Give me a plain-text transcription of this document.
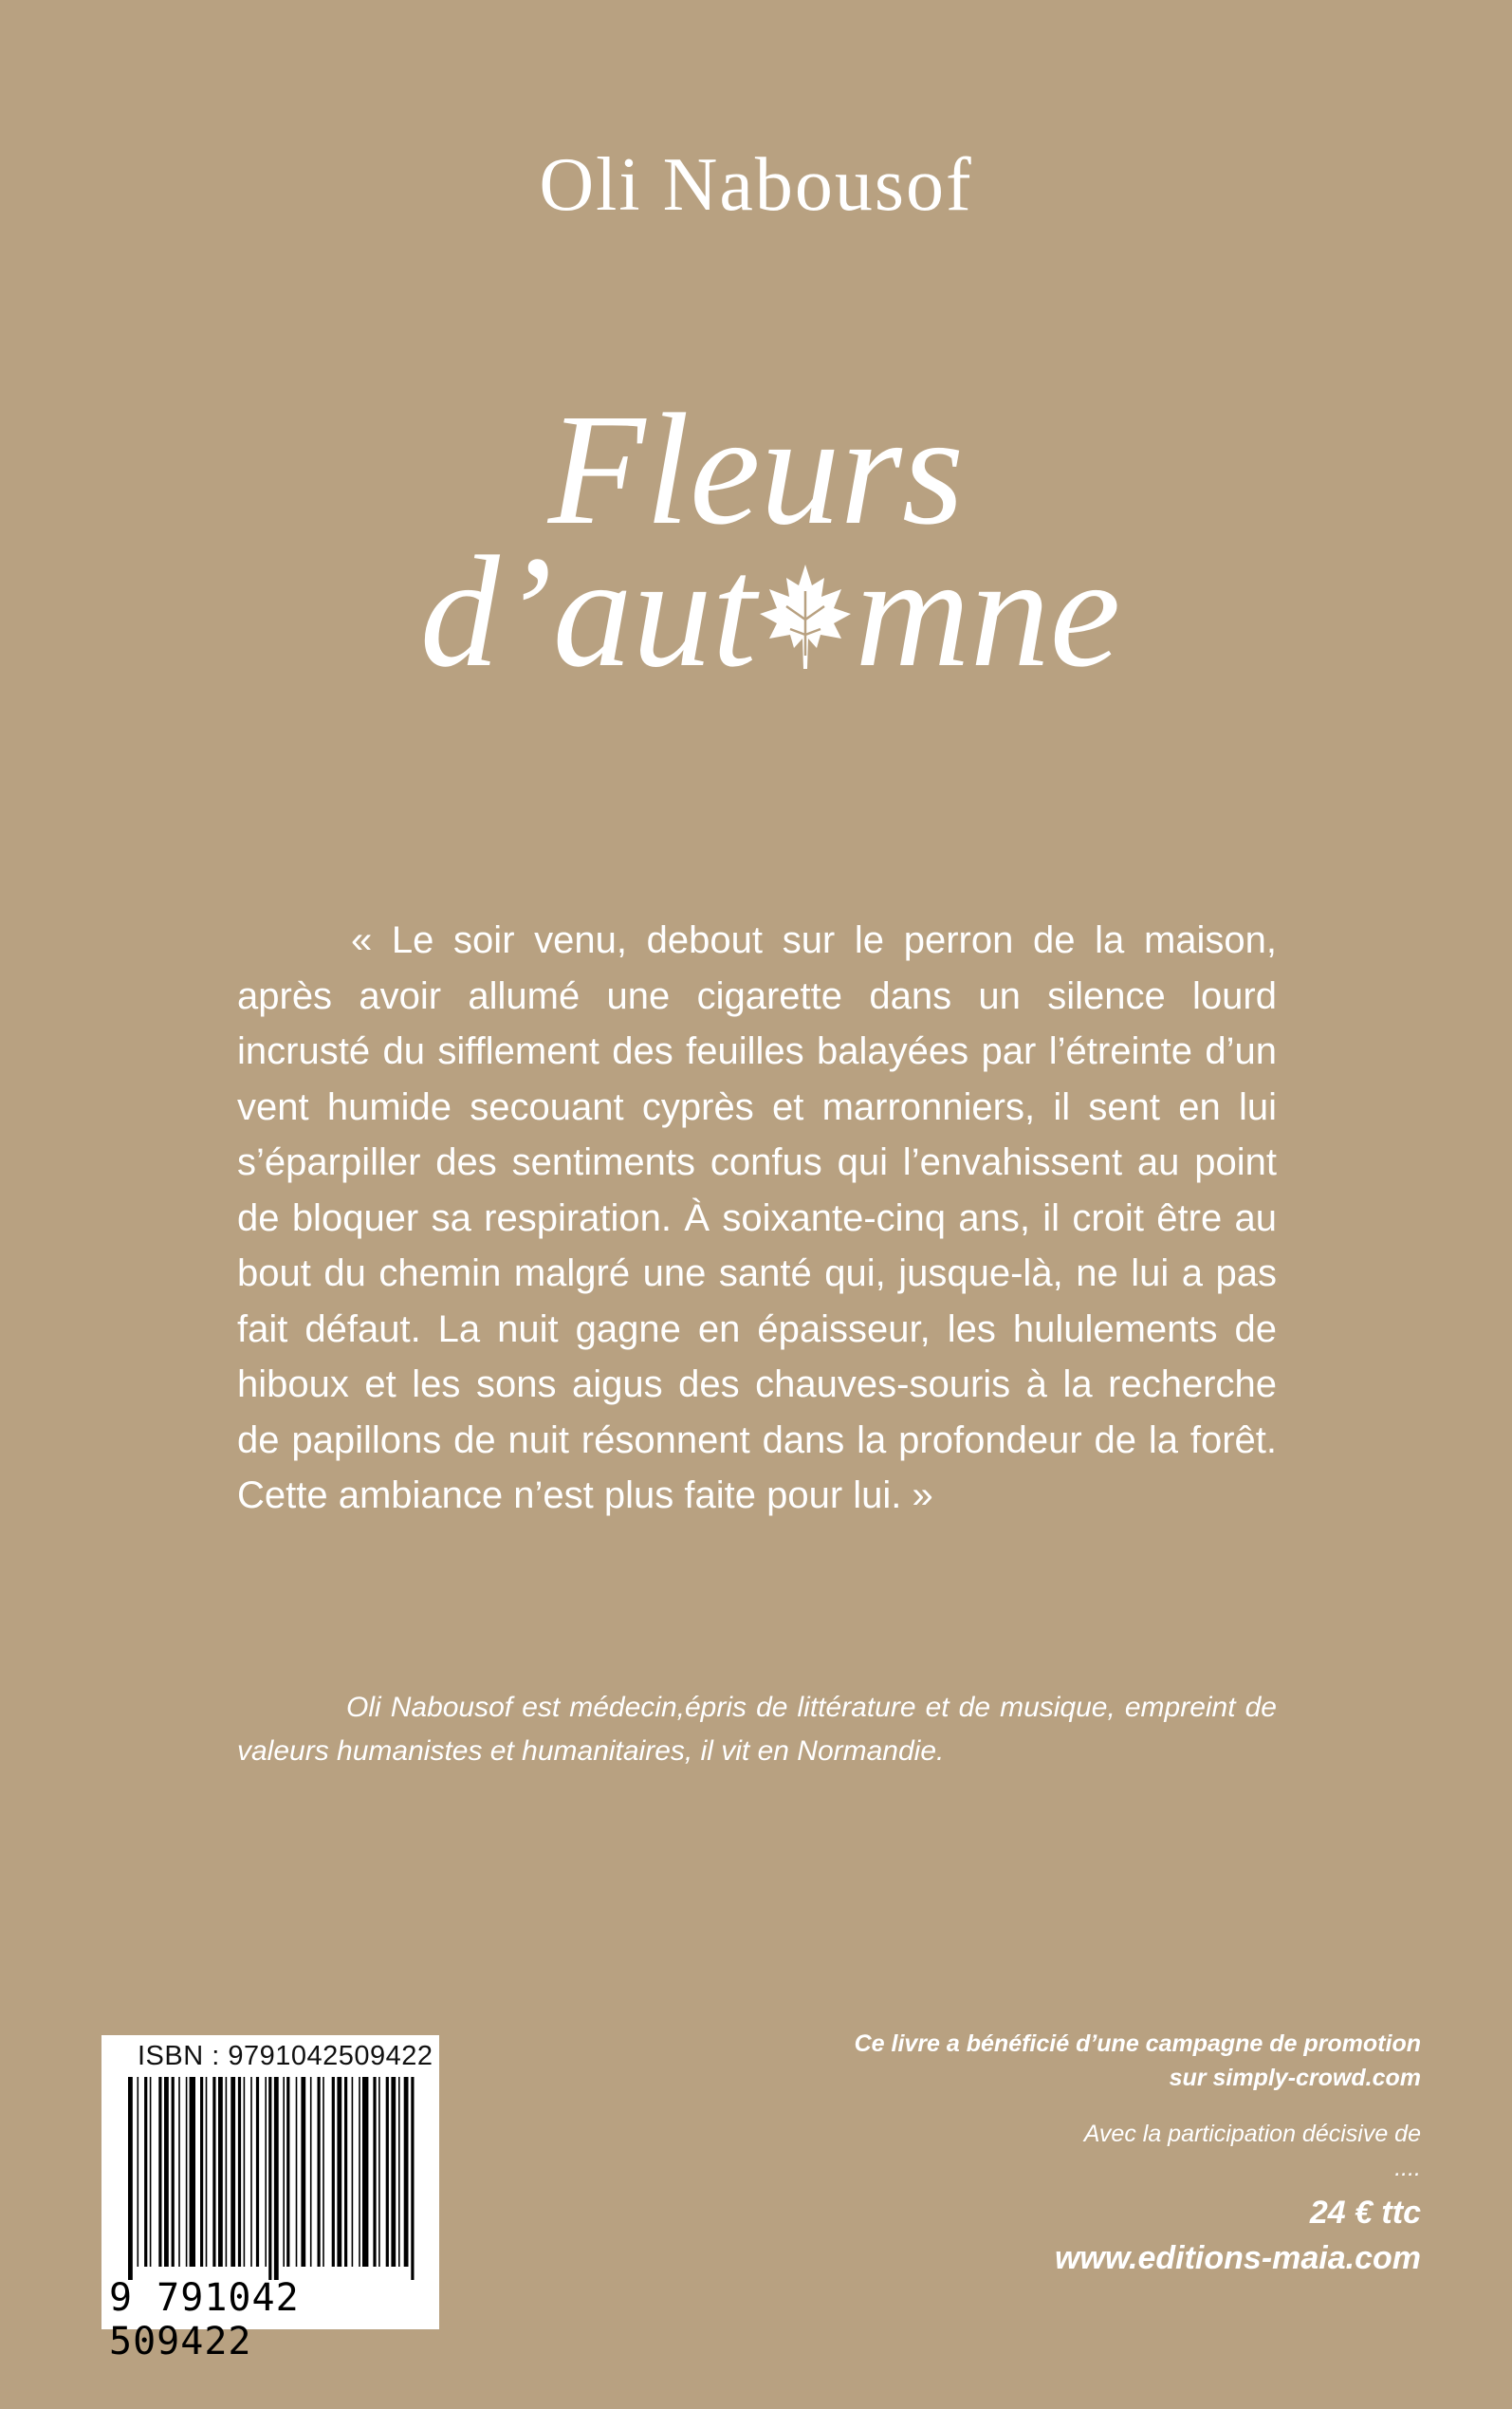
Oli Nabousof
Fleurs
d’aut mne

« Le soir venu, debout sur le perron de la maison, après avoir allumé une cigarette dans un silence lourd incrusté du sifflement des feuilles balayées par l’étreinte d’un vent humide secouant cyprès et marronniers, il sent en lui s’éparpiller des sentiments confus qui l’envahissent au point de bloquer sa respiration. À soixante-cinq ans, il croit être au bout du chemin malgré une santé qui, jusque-là, ne lui a pas fait défaut. La nuit gagne en épaisseur, les hululements de hiboux et les sons aigus des chauves-souris à la recherche de papillons de nuit résonnent dans la profondeur de la forêt. Cette ambiance n’est plus faite pour lui. »

Oli Nabousof est médecin,épris de littérature et de musique, empreint de valeurs humanistes et humanitaires, il vit en Normandie.

ISBN : 9791042509422
9 791042 509422
Ce livre a bénéficié d’une campagne de promotion
sur simply-crowd.com
Avec la participation décisive de
....
24 € ttc
www.editions-maia.com
